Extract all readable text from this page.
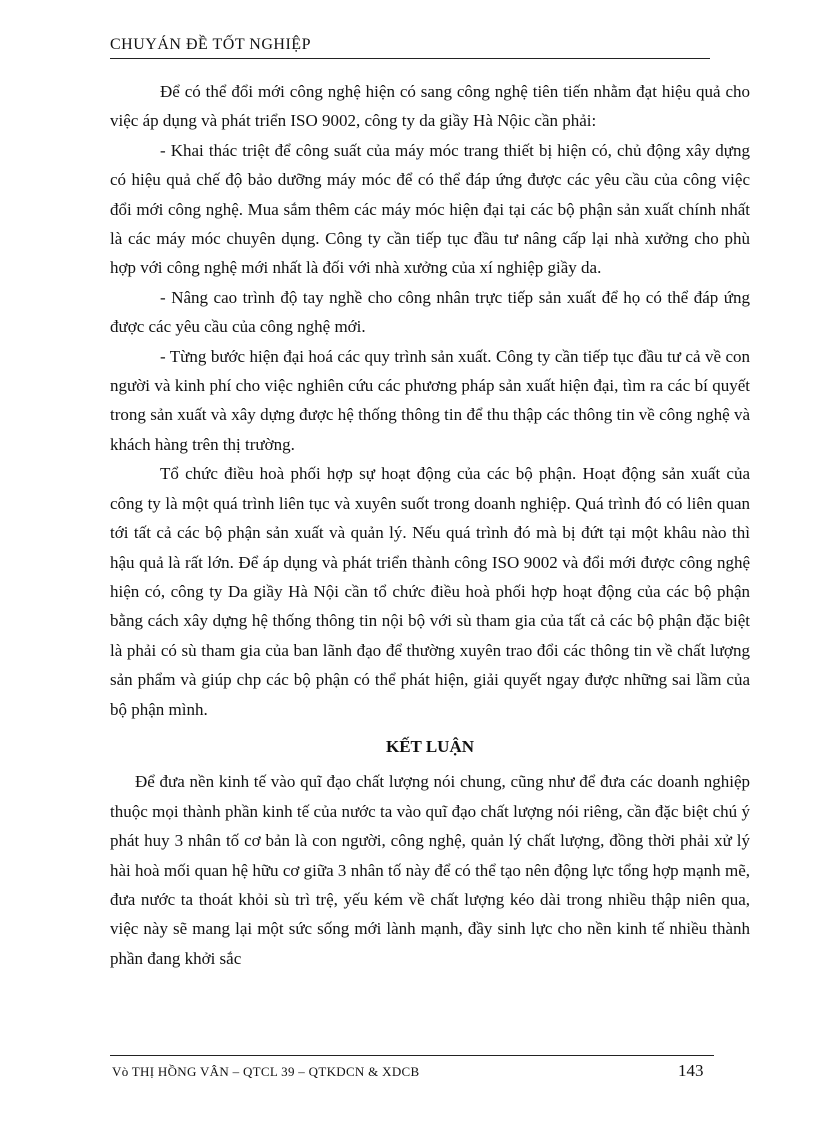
CHUYÁN ĐỀ TỐT NGHIỆP

Để có thể đổi mới công nghệ hiện có sang công nghệ tiên tiến nhằm đạt hiệu quả cho việc áp dụng và phát triển ISO 9002, công ty da giầy Hà Nộic cần phải:

- Khai thác triệt để công suất của máy móc trang thiết bị hiện có, chủ động xây dựng có hiệu quả chế độ bảo dưỡng máy móc để có thể đáp ứng được các yêu cầu của công việc đổi mới công nghệ. Mua sắm thêm các máy móc hiện đại tại các bộ phận sản xuất chính nhất là các máy móc chuyên dụng. Công ty cần tiếp tục đầu tư nâng cấp lại nhà xưởng cho phù hợp với công nghệ mới nhất là đối với nhà xưởng của xí nghiệp giầy da.

- Nâng cao trình độ tay nghề cho công nhân trực tiếp sản xuất để họ có thể đáp ứng được các yêu cầu của công nghệ mới.

- Từng bước hiện đại hoá các quy trình sản xuất. Công ty cần tiếp tục đầu tư cả về con người và kinh phí cho việc nghiên cứu các phương pháp sản xuất hiện đại, tìm ra các bí quyết trong sản xuất và xây dựng được hệ thống thông tin để thu thập các thông tin về công nghệ và khách hàng trên thị trường.

Tổ chức điều hoà phối hợp sự hoạt động của các bộ phận. Hoạt động sản xuất của công ty là một quá trình liên tục và xuyên suốt trong doanh nghiệp. Quá trình đó có liên quan tới tất cả các bộ phận sản xuất và quản lý. Nếu quá trình đó mà bị đứt tại một khâu nào thì hậu quả là rất lớn. Để áp dụng và phát triển thành công ISO 9002 và đổi mới được công nghệ hiện có, công ty Da giầy Hà Nội cần tổ chức điều hoà phối hợp hoạt động của các bộ phận bằng cách xây dựng hệ thống thông tin nội bộ với sù tham gia của tất cả các bộ phận đặc biệt là phải có sù tham gia của ban lãnh đạo để thường xuyên trao đổi các thông tin về chất lượng sản phẩm và giúp chp các bộ phận có thể phát hiện, giải quyết ngay được những sai lầm của bộ phận mình.

KẾT LUẬN

Để đưa nền kinh tế vào quĩ đạo chất lượng nói chung, cũng như để đưa các doanh nghiệp thuộc mọi thành phần kinh tế của nước ta vào quĩ đạo chất lượng nói riêng, cần đặc biệt chú ý phát huy 3 nhân tố cơ bản là con người, công nghệ, quản lý chất lượng, đồng thời phải xử lý hài hoà mối quan hệ hữu cơ giữa 3 nhân tố này để có thể tạo nên động lực tổng hợp mạnh mẽ, đưa nước ta thoát khỏi sù trì trệ, yếu kém về chất lượng kéo dài trong nhiều thập niên qua, việc này sẽ mang lại một sức sống mới lành mạnh, đầy sinh lực cho nền kinh tế nhiều thành phần đang khởi sắc

Vò THỊ HỒNG VÂN – QTCL 39 – QTKDCN & XDCB	143
